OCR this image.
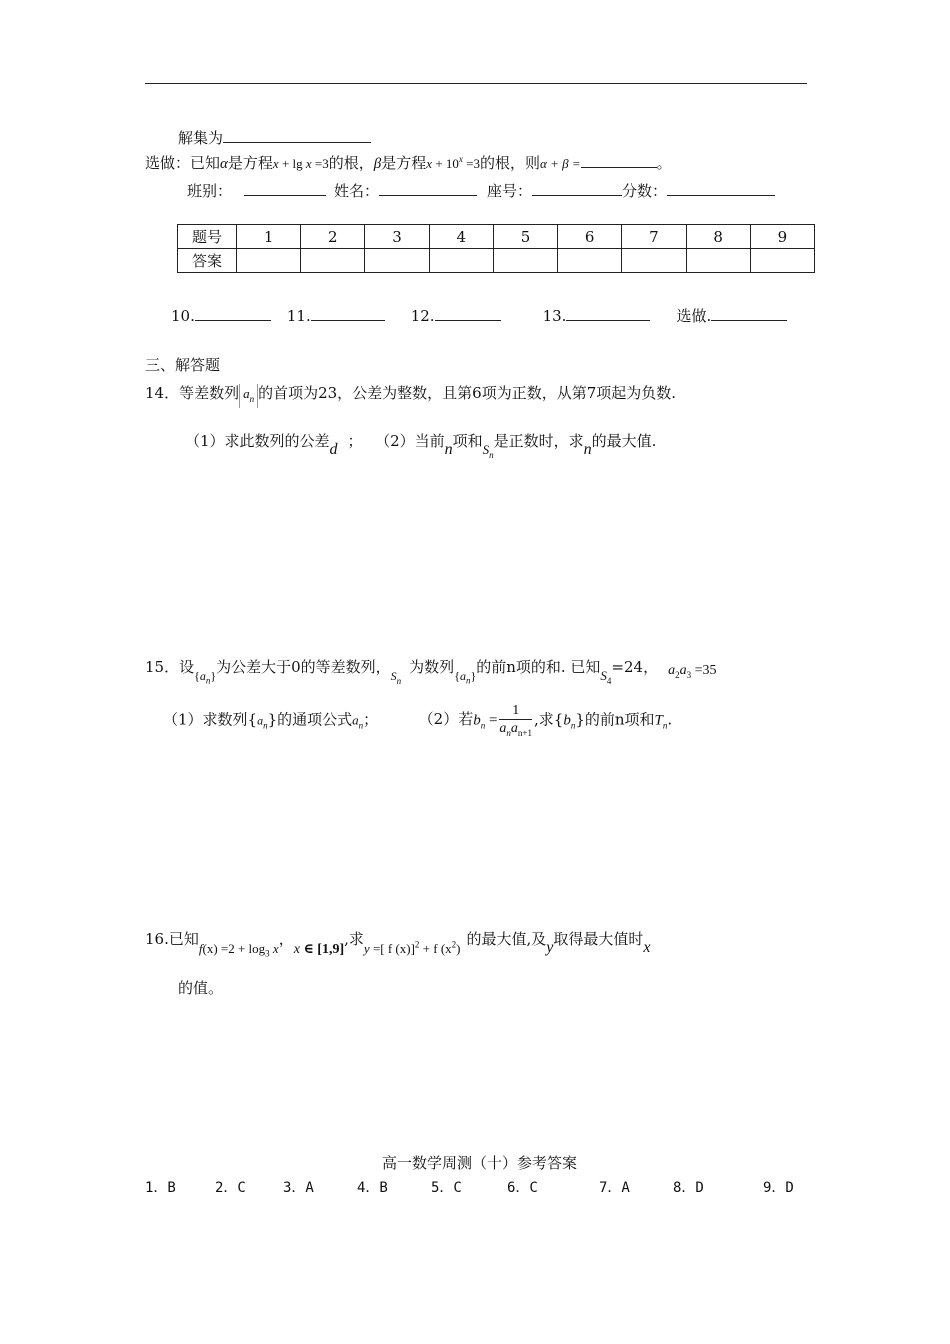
解集为
选做：已知α是方程x + lg x =3的根，β是方程$x + 10^x =3$的根，则α + β =	。
班别：	姓名：	座号：	分数：
题号	1	2	3	4	5	6	7	8	9
答案									
10.	11.	12.	13.	选做.
三、解答题
14．等差数列 $a_n$ 的首项为23，公差为整数，且第6项为正数，从第7项起为负数.
（1）求此数列的公差d ； （2）当前n项和$S_n$是正数时，求n的最大值.
15．设$_{\{a_n\}}$为公差大于0的等差数列，$_{Sn}$为数列$_{\{a_n\}}$的前n项的和. 已知$S_4=24$， $a_2a_3 =35$
（1）求数列$\{a_n\}$的通项公式$a_n$；	（2）若$b_n = \frac{1}{a_na_{n+1}}$ ,求$\{b_n\}$的前n项和$T_n$.
16.已知$f(x) =2 + \log_3 x$，x ∈ [1,9],求y =[ f (x)]$^2$ + f $(x^2)$的最大值,及y取得最大值时x
的值。
高一数学周测（十）参考答案
1．B	2．C	3．A	4．B	5．C	6．C	7．A	8．D	9．D
